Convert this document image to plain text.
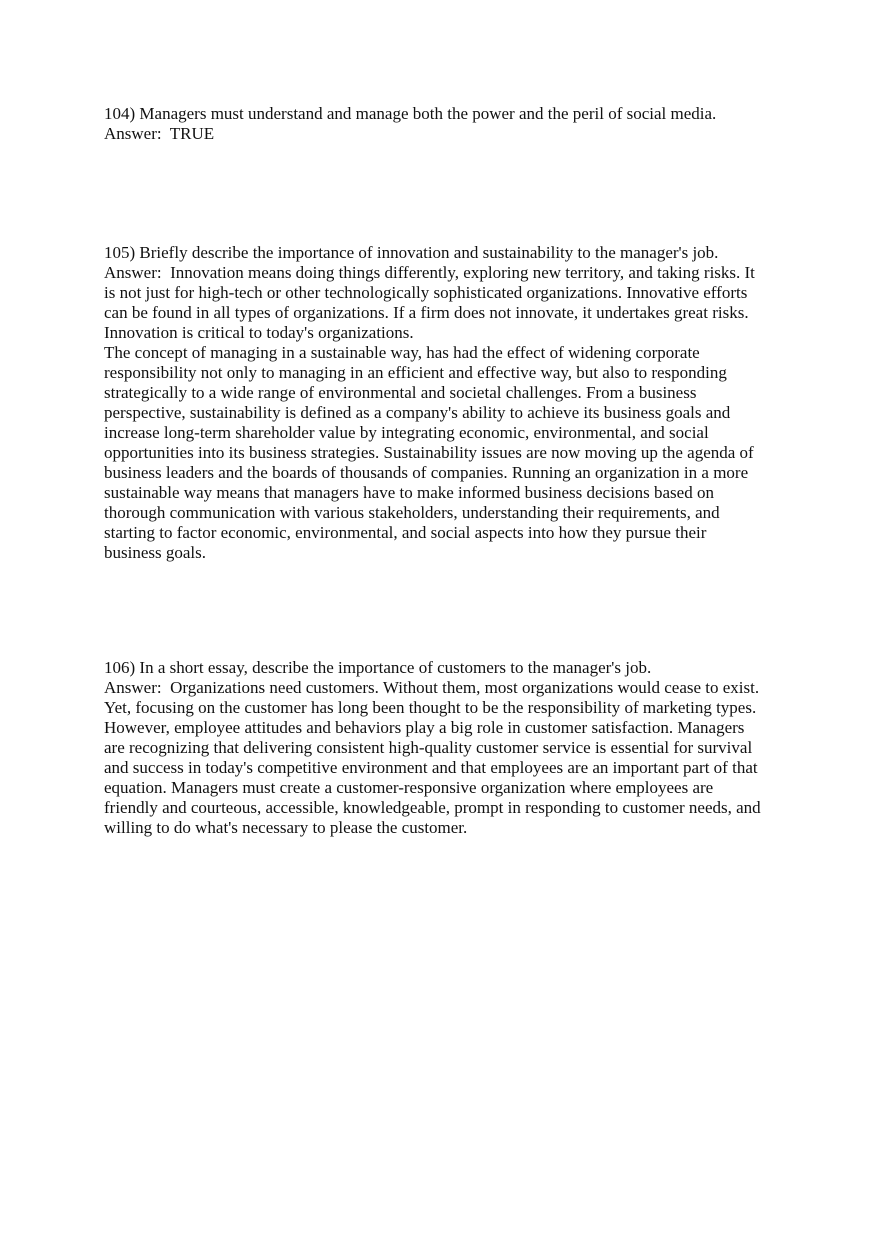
104) Managers must understand and manage both the power and the peril of social media.
Answer:  TRUE
105) Briefly describe the importance of innovation and sustainability to the manager's job.
Answer:  Innovation means doing things differently, exploring new territory, and taking risks. It
is not just for high-tech or other technologically sophisticated organizations. Innovative efforts
can be found in all types of organizations. If a firm does not innovate, it undertakes great risks.
Innovation is critical to today's organizations.
The concept of managing in a sustainable way, has had the effect of widening corporate
responsibility not only to managing in an efficient and effective way, but also to responding
strategically to a wide range of environmental and societal challenges. From a business
perspective, sustainability is defined as a company's ability to achieve its business goals and
increase long-term shareholder value by integrating economic, environmental, and social
opportunities into its business strategies. Sustainability issues are now moving up the agenda of
business leaders and the boards of thousands of companies. Running an organization in a more
sustainable way means that managers have to make informed business decisions based on
thorough communication with various stakeholders, understanding their requirements, and
starting to factor economic, environmental, and social aspects into how they pursue their
business goals.
106) In a short essay, describe the importance of customers to the manager's job.
Answer:  Organizations need customers. Without them, most organizations would cease to exist.
Yet, focusing on the customer has long been thought to be the responsibility of marketing types.
However, employee attitudes and behaviors play a big role in customer satisfaction. Managers
are recognizing that delivering consistent high-quality customer service is essential for survival
and success in today's competitive environment and that employees are an important part of that
equation. Managers must create a customer-responsive organization where employees are
friendly and courteous, accessible, knowledgeable, prompt in responding to customer needs, and
willing to do what's necessary to please the customer.
